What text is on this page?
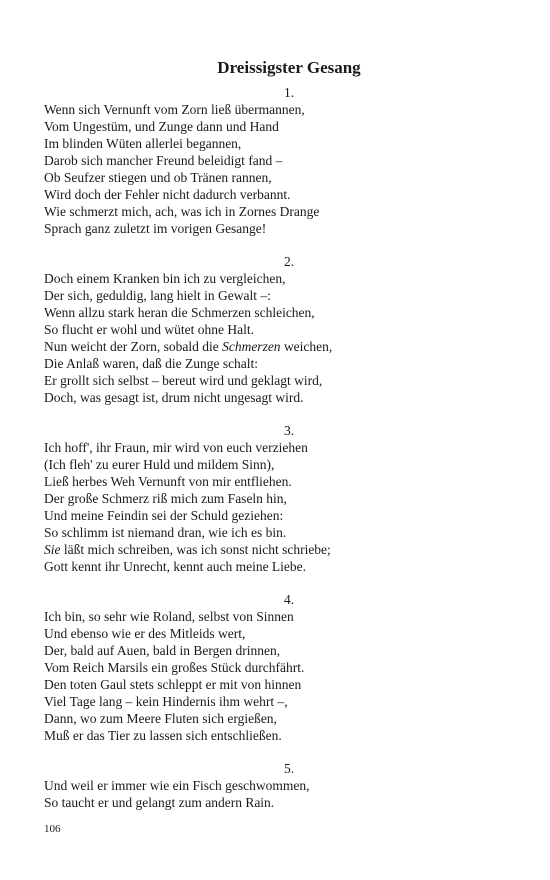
Dreissigster Gesang
1.
Wenn sich Vernunft vom Zorn ließ übermannen,
Vom Ungestüm, und Zunge dann und Hand
Im blinden Wüten allerlei begannen,
Darob sich mancher Freund beleidigt fand –
Ob Seufzer stiegen und ob Tränen rannen,
Wird doch der Fehler nicht dadurch verbannt.
Wie schmerzt mich, ach, was ich in Zornes Drange
Sprach ganz zuletzt im vorigen Gesange!
2.
Doch einem Kranken bin ich zu vergleichen,
Der sich, geduldig, lang hielt in Gewalt –:
Wenn allzu stark heran die Schmerzen schleichen,
So flucht er wohl und wütet ohne Halt.
Nun weicht der Zorn, sobald die Schmerzen weichen,
Die Anlaß waren, daß die Zunge schalt:
Er grollt sich selbst – bereut wird und geklagt wird,
Doch, was gesagt ist, drum nicht ungesagt wird.
3.
Ich hoff', ihr Fraun, mir wird von euch verziehen
(Ich fleh' zu eurer Huld und mildem Sinn),
Ließ herbes Weh Vernunft von mir entfliehen.
Der große Schmerz riß mich zum Faseln hin,
Und meine Feindin sei der Schuld geziehen:
So schlimm ist niemand dran, wie ich es bin.
Sie läßt mich schreiben, was ich sonst nicht schriebe;
Gott kennt ihr Unrecht, kennt auch meine Liebe.
4.
Ich bin, so sehr wie Roland, selbst von Sinnen
Und ebenso wie er des Mitleids wert,
Der, bald auf Auen, bald in Bergen drinnen,
Vom Reich Marsils ein großes Stück durchfährt.
Den toten Gaul stets schleppt er mit von hinnen
Viel Tage lang – kein Hindernis ihm wehrt –,
Dann, wo zum Meere Fluten sich ergießen,
Muß er das Tier zu lassen sich entschließen.
5.
Und weil er immer wie ein Fisch geschwommen,
So taucht er und gelangt zum andern Rain.
106
